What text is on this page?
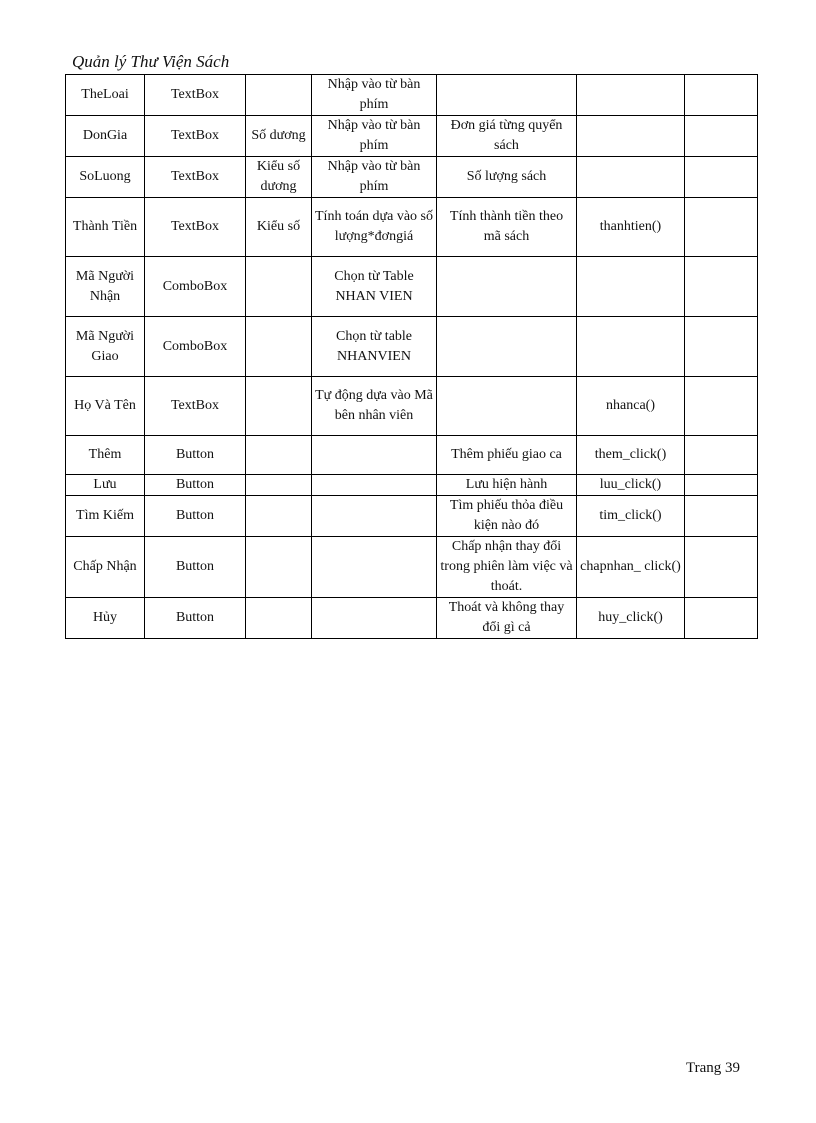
Quản lý Thư Viện Sách
TheLoai	TextBox		Nhập vào từ bàn phím			
DonGia	TextBox	Số dương	Nhập vào từ bàn phím	Đơn giá từng quyển sách		
SoLuong	TextBox	Kiểu số dương	Nhập vào từ bàn phím	Số lượng sách		
Thành Tiền	TextBox	Kiểu số	Tính toán dựa vào số lượng*đơngiá	Tính thành tiền theo mã sách	thanhtien()	
Mã Người Nhận	ComboBox		Chọn từ Table NHAN VIEN			
Mã Người Giao	ComboBox		Chọn từ table NHANVIEN			
Họ Và Tên	TextBox		Tự động dựa vào Mã bên nhân viên		nhanca()	
Thêm	Button			Thêm phiếu giao ca	them_click()	
Lưu	Button			Lưu hiện hành	luu_click()	
Tìm Kiếm	Button			Tìm phiếu thỏa điều kiện nào đó	tim_click()	
Chấp Nhận	Button			Chấp nhận thay đổi trong phiên làm việc và thoát.	chapnhan_ click()	
Hủy	Button			Thoát và không thay đổi gì cả	huy_click()	
Trang 39
